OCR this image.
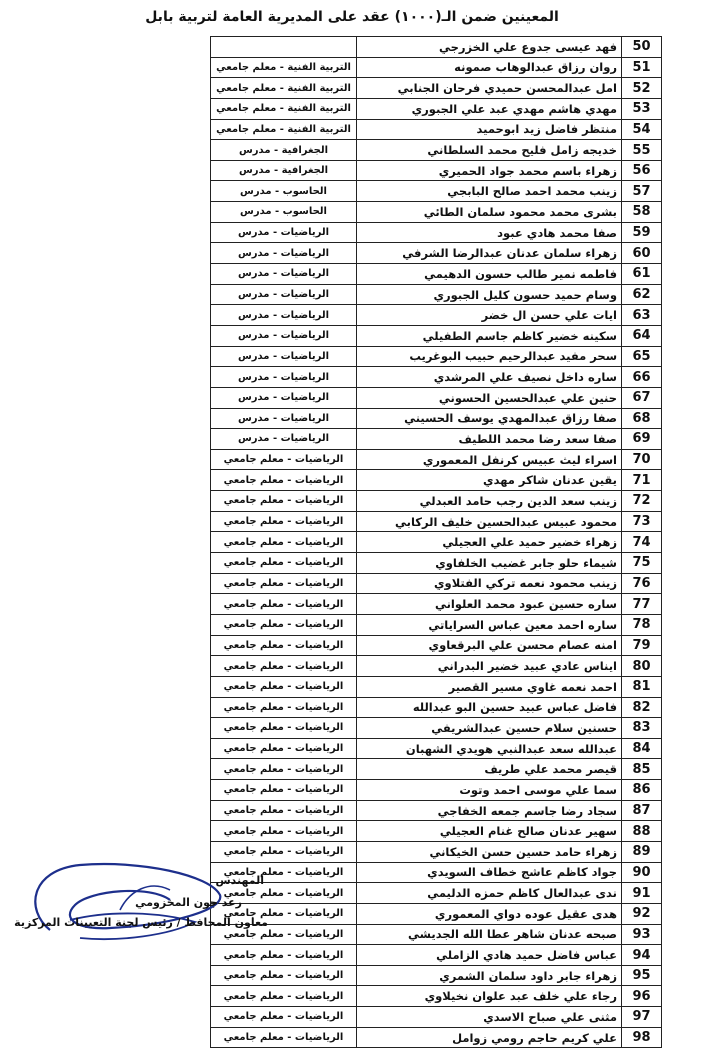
المعينين ضمن الـ(١٠٠٠) عقد على المديرية العامة لتربية بابل
	فهد عيسى جدوع علي الخزرجي	50
التربية الفنية - معلم جامعي	روان رزاق عبدالوهاب صمونه	51
التربية الفنية - معلم جامعي	امل عبدالمحسن حميدي فرحان الجنابي	52
التربية الفنية - معلم جامعي	مهدي هاشم مهدي عبد علي الجبوري	53
التربية الفنية - معلم جامعي	منتظر فاضل زيد ابوحميد	54
الجغرافية - مدرس	خديجه زامل فليح محمد السلطاني	55
الجغرافية - مدرس	زهراء باسم محمد جواد الحميري	56
الحاسوب - مدرس	زينب محمد احمد صالح البابجي	57
الحاسوب - مدرس	بشرى محمد محمود سلمان الطائي	58
الرياضيات - مدرس	صفا محمد هادي عبود	59
الرياضيات - مدرس	زهراء سلمان عدنان عبدالرضا الشرفي	60
الرياضيات - مدرس	فاطمه نمير طالب حسون الدهيمي	61
الرياضيات - مدرس	وسام حميد حسون كليل الجبوري	62
الرياضيات - مدرس	ايات علي حسن ال خضر	63
الرياضيات - مدرس	سكينه خضير كاظم جاسم الطفيلي	64
الرياضيات - مدرس	سحر مفيد عبدالرحيم حبيب البوغريب	65
الرياضيات - مدرس	ساره داخل نصيف علي المرشدي	66
الرياضيات - مدرس	حنين علي عبدالحسين الحسوني	67
الرياضيات - مدرس	صفا رزاق عبدالمهدي يوسف الحسيني	68
الرياضيات - مدرس	صفا سعد رضا محمد اللطيف	69
الرياضيات - معلم جامعي	اسراء ليث عبيس كرنفل المعموري	70
الرياضيات - معلم جامعي	يقين عدنان شاكر مهدي	71
الرياضيات - معلم جامعي	زينب سعد الدين رجب حامد العبدلي	72
الرياضيات - معلم جامعي	محمود عبيس عبدالحسين خليف الركابي	73
الرياضيات - معلم جامعي	زهراء خضير حميد علي العجيلي	74
الرياضيات - معلم جامعي	شيماء حلو جابر غضيب الخلفاوي	75
الرياضيات - معلم جامعي	زينب محمود نعمه تركي الفتلاوي	76
الرياضيات - معلم جامعي	ساره حسين عبود محمد العلواني	77
الرياضيات - معلم جامعي	ساره احمد معين عباس السراياتي	78
الرياضيات - معلم جامعي	امنه عصام محسن علي البرقعاوي	79
الرياضيات - معلم جامعي	ايناس عادي عبيد خضير البدراني	80
الرياضيات - معلم جامعي	احمد نعمه غاوي مسير القصير	81
الرياضيات - معلم جامعي	فاضل عباس عبيد حسين البو عبدالله	82
الرياضيات - معلم جامعي	حسنين سلام حسين عبدالشريفي	83
الرياضيات - معلم جامعي	عبدالله سعد عبدالنبي هويدي الشهبان	84
الرياضيات - معلم جامعي	قيصر محمد علي طريف	85
الرياضيات - معلم جامعي	سما علي موسى احمد وتوت	86
الرياضيات - معلم جامعي	سجاد رضا جاسم جمعه الخفاجي	87
الرياضيات - معلم جامعي	سهير عدنان صالح غنام العجيلي	88
الرياضيات - معلم جامعي	زهراء حامد حسين حسن الخيكاني	89
الرياضيات - معلم جامعي	جواد كاظم عاشج خطاف السويدي	90
الرياضيات - معلم جامعي	ندى عبدالعال كاظم حمزه الدليمي	91
الرياضيات - معلم جامعي	هدى عقيل عوده دواي المعموري	92
الرياضيات - معلم جامعي	صبحه عدنان شاهر عطا الله الجديشي	93
الرياضيات - معلم جامعي	عباس فاضل حميد هادي الزاملي	94
الرياضيات - معلم جامعي	زهراء جابر داود سلمان الشمري	95
الرياضيات - معلم جامعي	رجاء علي خلف عبد علوان نخيلاوي	96
الرياضيات - معلم جامعي	مثنى علي صباح الاسدي	97
الرياضيات - معلم جامعي	علي كريم حاجم رومي زوامل	98
المهندس
رعد جون المخزومي
معاون المحافظ / رئيس لجنة التعيينات المركزية
